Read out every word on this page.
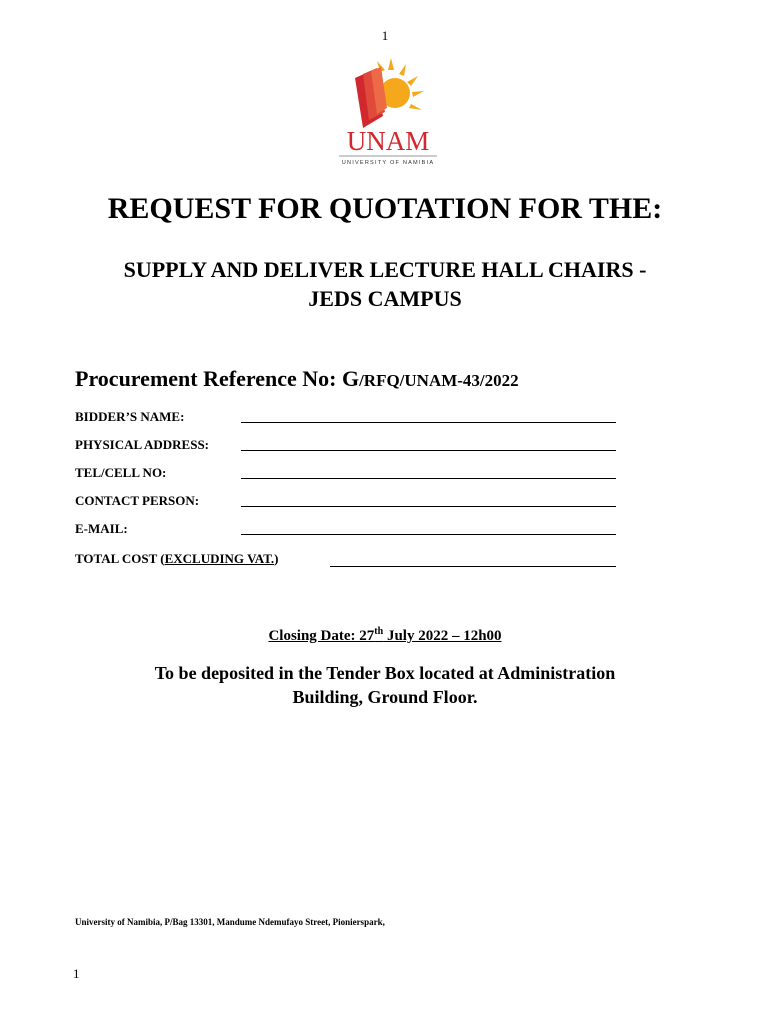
1
UNAM
UNIVERSITY OF NAMIBIA
REQUEST FOR QUOTATION FOR THE:
SUPPLY AND DELIVER LECTURE HALL CHAIRS -
JEDS CAMPUS
Procurement Reference No: G/RFQ/UNAM-43/2022
BIDDER’S NAME:
PHYSICAL ADDRESS:
TEL/CELL NO:
CONTACT PERSON:
E-MAIL:
TOTAL COST (EXCLUDING VAT.)
Closing Date: 27th July 2022 – 12h00
To be deposited in the Tender Box located at Administration
Building, Ground Floor.
University of Namibia, P/Bag 13301, Mandume Ndemufayo Street, Pionierspark,
1
